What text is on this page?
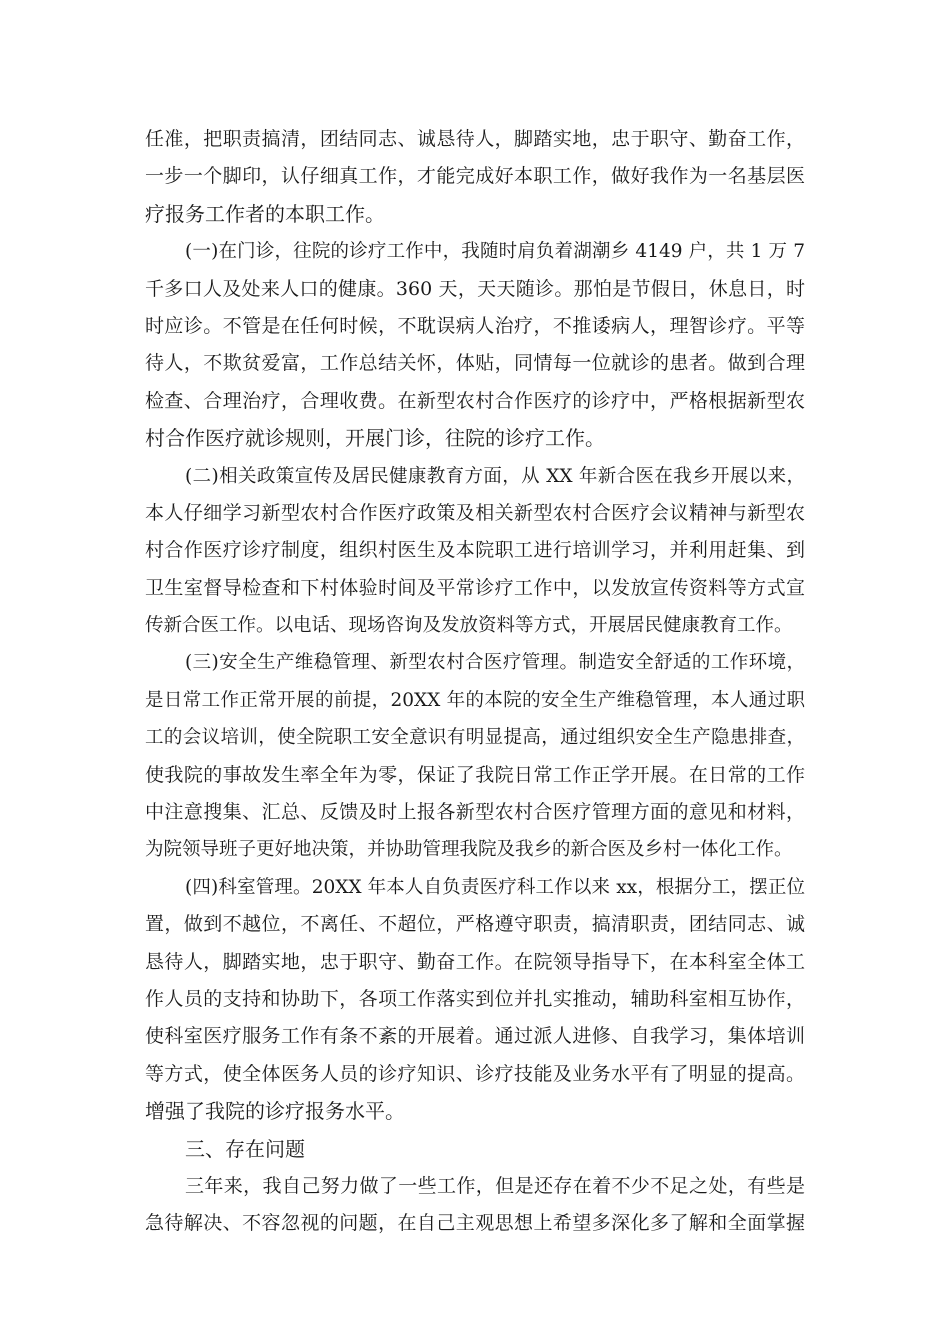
任准，把职责搞清，团结同志、诚恳待人，脚踏实地，忠于职守、勤奋工作，
一步一个脚印，认仔细真工作，才能完成好本职工作，做好我作为一名基层医
疗报务工作者的本职工作。
(一)在门诊，往院的诊疗工作中，我随时肩负着湖潮乡 4149 户，共 1 万 7
千多口人及处来人口的健康。360 天，天天随诊。那怕是节假日，休息日，时
时应诊。不管是在任何时候，不耽误病人治疗，不推诿病人，理智诊疗。平等
待人，不欺贫爱富，工作总结关怀，体贴，同情每一位就诊的患者。做到合理
检查、合理治疗，合理收费。在新型农村合作医疗的诊疗中，严格根据新型农
村合作医疗就诊规则，开展门诊，往院的诊疗工作。
(二)相关政策宣传及居民健康教育方面，从 XX 年新合医在我乡开展以来，
本人仔细学习新型农村合作医疗政策及相关新型农村合医疗会议精神与新型农
村合作医疗诊疗制度，组织村医生及本院职工进行培训学习，并利用赶集、到
卫生室督导检查和下村体验时间及平常诊疗工作中，以发放宣传资料等方式宣
传新合医工作。以电话、现场咨询及发放资料等方式，开展居民健康教育工作。
(三)安全生产维稳管理、新型农村合医疗管理。制造安全舒适的工作环境，
是日常工作正常开展的前提，20XX 年的本院的安全生产维稳管理，本人通过职
工的会议培训，使全院职工安全意识有明显提高，通过组织安全生产隐患排查，
使我院的事故发生率全年为零，保证了我院日常工作正学开展。在日常的工作
中注意搜集、汇总、反馈及时上报各新型农村合医疗管理方面的意见和材料，
为院领导班子更好地决策，并协助管理我院及我乡的新合医及乡村一体化工作。
(四)科室管理。20XX 年本人自负责医疗科工作以来 xx，根据分工，摆正位
置，做到不越位，不离任、不超位，严格遵守职责，搞清职责，团结同志、诚
恳待人，脚踏实地，忠于职守、勤奋工作。在院领导指导下，在本科室全体工
作人员的支持和协助下，各项工作落实到位并扎实推动，辅助科室相互协作，
使科室医疗服务工作有条不紊的开展着。通过派人进修、自我学习，集体培训
等方式，使全体医务人员的诊疗知识、诊疗技能及业务水平有了明显的提高。
增强了我院的诊疗报务水平。
三、存在问题
三年来，我自己努力做了一些工作，但是还存在着不少不足之处，有些是
急待解决、不容忽视的问题，在自己主观思想上希望多深化多了解和全面掌握
